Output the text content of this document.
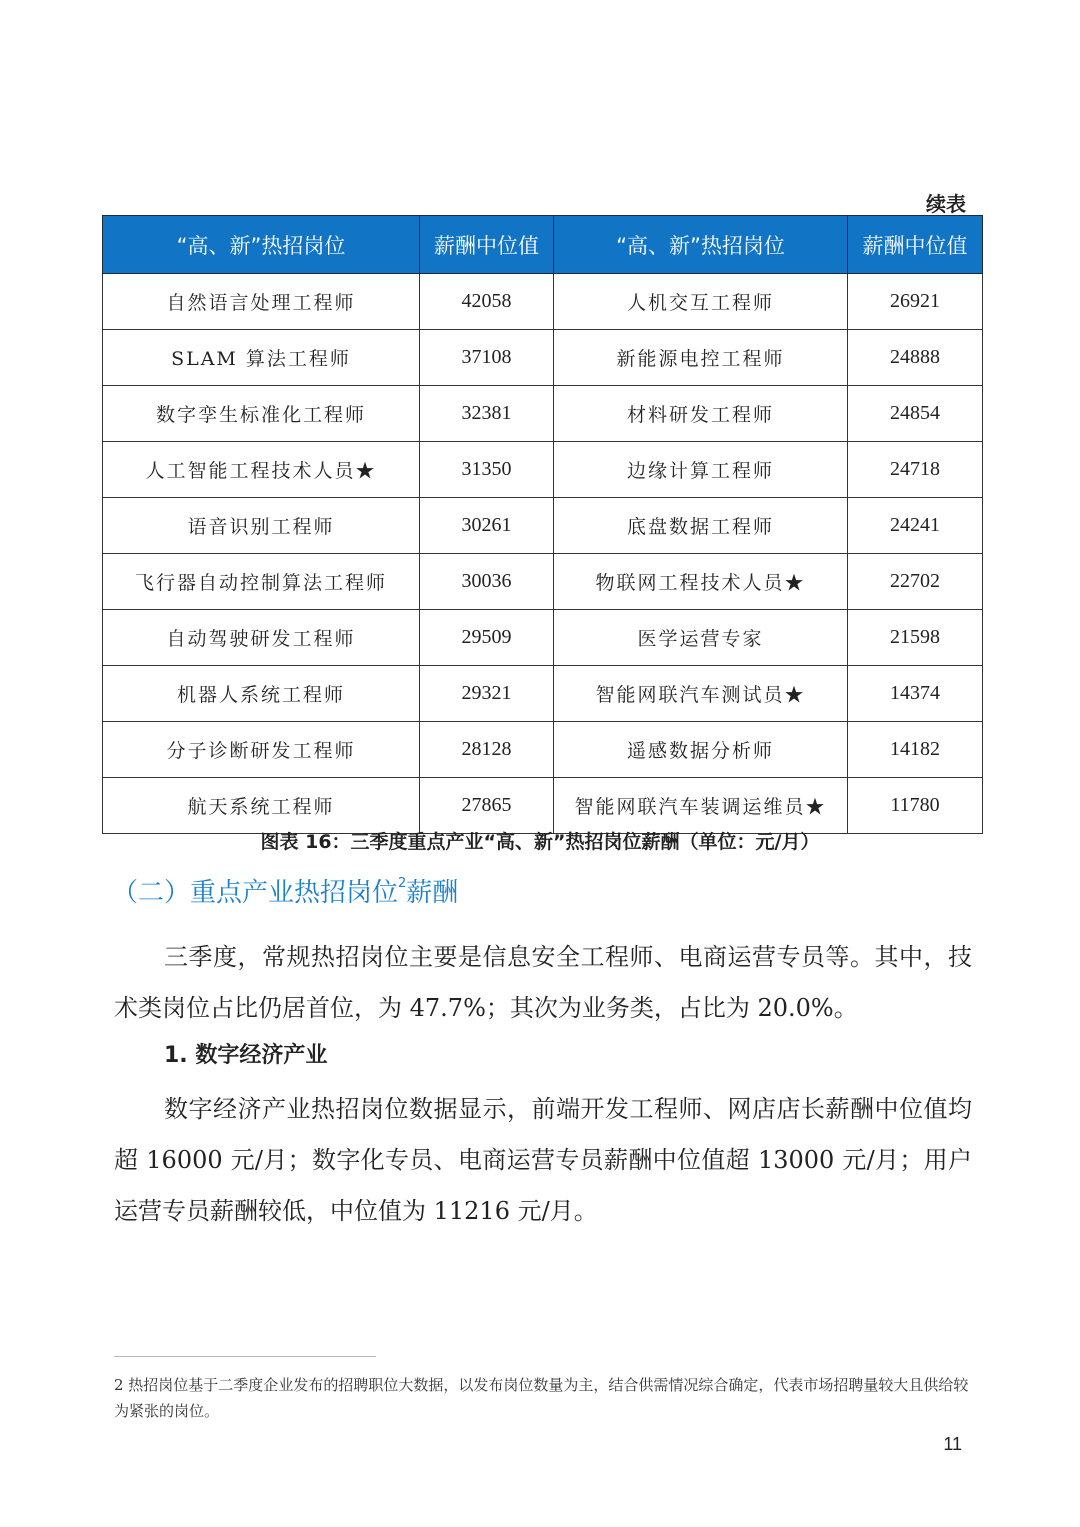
续表
“高、新”热招岗位	薪酬中位值	“高、新”热招岗位	薪酬中位值
自然语言处理工程师	42058	人机交互工程师	26921
SLAM 算法工程师	37108	新能源电控工程师	24888
数字孪生标准化工程师	32381	材料研发工程师	24854
人工智能工程技术人员★	31350	边缘计算工程师	24718
语音识别工程师	30261	底盘数据工程师	24241
飞行器自动控制算法工程师	30036	物联网工程技术人员★	22702
自动驾驶研发工程师	29509	医学运营专家	21598
机器人系统工程师	29321	智能网联汽车测试员★	14374
分子诊断研发工程师	28128	遥感数据分析师	14182
航天系统工程师	27865	智能网联汽车装调运维员★	11780
图表 16：三季度重点产业“高、新”热招岗位薪酬（单位：元/月）
（二）重点产业热招岗位$^2$薪酬
三季度，常规热招岗位主要是信息安全工程师、电商运营专员等。其中，技术类岗位占比仍居首位，为 47.7%；其次为业务类，占比为 20.0%。
1. 数字经济产业
数字经济产业热招岗位数据显示，前端开发工程师、网店店长薪酬中位值均超 16000 元/月；数字化专员、电商运营专员薪酬中位值超 13000 元/月；用户运营专员薪酬较低，中位值为 11216 元/月。
2 热招岗位基于二季度企业发布的招聘职位大数据，以发布岗位数量为主，结合供需情况综合确定，代表市场招聘量较大且供给较为紧张的岗位。
11
